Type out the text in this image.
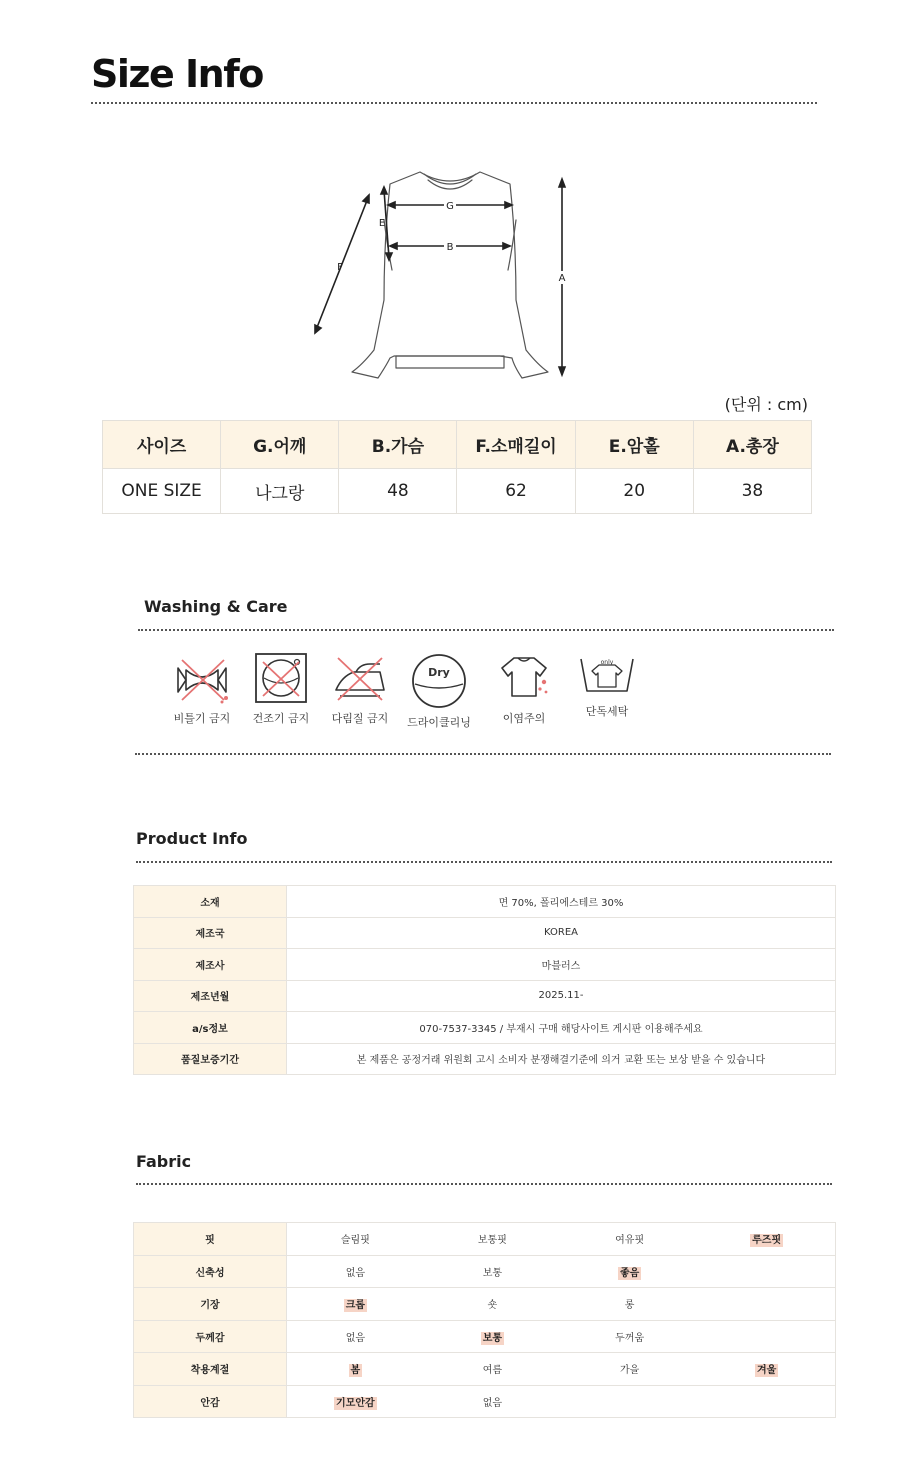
Size Info
G
E
B
F
A
(단위 : cm)
사이즈	G.어깨	B.가슴	F.소매길이	E.암홀	A.총장
ONE SIZE	나그랑	48	62	20	38
Washing & Care
비틀기 금지	건조기 금지	다림질 금지
Dry
드라이클리닝	이염주의
only
단독세탁
Product Info
소재	면 70%, 폴리에스테르 30%
제조국	KOREA
제조사	마블러스
제조년월	2025.11-
a/s정보	070-7537-3345 / 부재시 구매 해당사이트 게시판 이용해주세요
품질보증기간	본 제품은 공정거래 위원회 고시 소비자 분쟁해결기준에 의거 교환 또는 보상 받을 수 있습니다
Fabric
핏	슬림핏	보통핏	여유핏	루즈핏
신축성	없음	보통	좋음	
기장	크롭	숏	롱	
두께감	없음	보통	두꺼움	
착용계절	봄	여름	가을	겨울
안감	기모안감	없음		
